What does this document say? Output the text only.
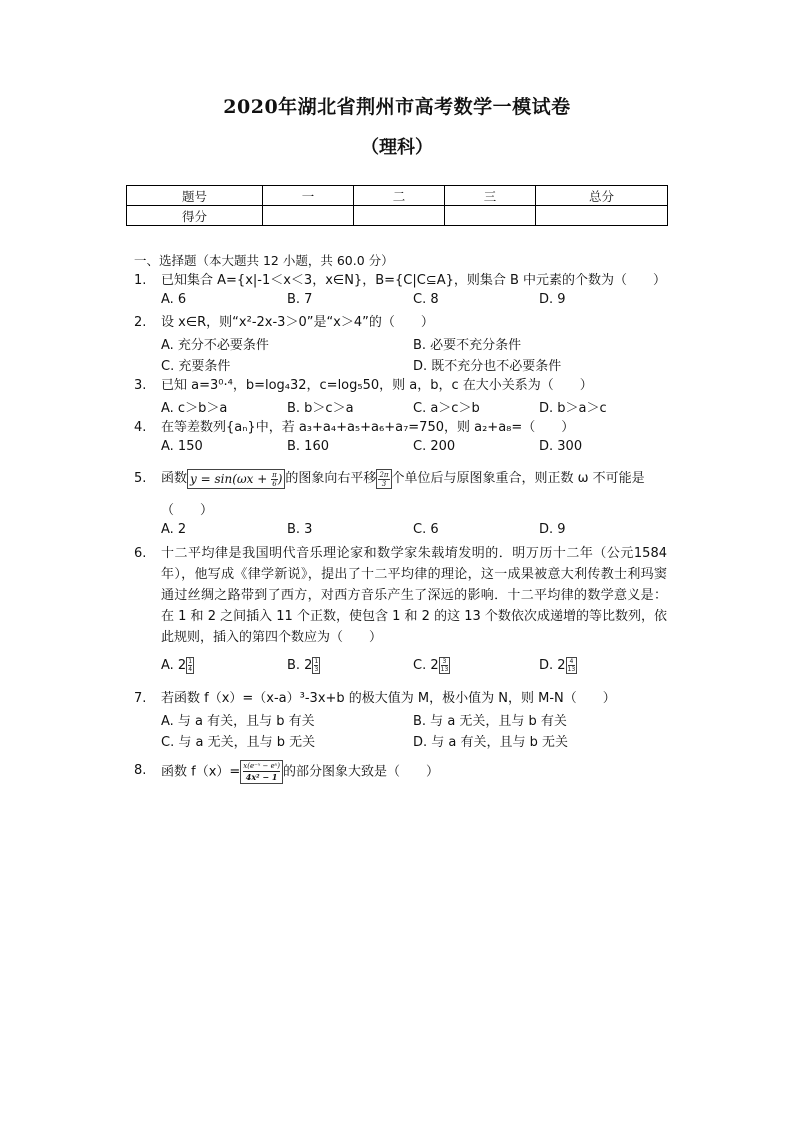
2020年湖北省荆州市高考数学一模试卷
（理科）
题号	一	二	三	总分
得分				
一、选择题（本大题共 12 小题，共 60.0 分）
1.	已知集合 A={x|-1＜x＜3，x∈N}，B={C|C⊆A}，则集合 B 中元素的个数为（　　）
A. 6	B. 7	C. 8	D. 9
2.	设 x∈R，则“x²-2x-3＞0”是“x＞4”的（　　）
A. 充分不必要条件	B. 必要不充分条件
C. 充要条件	D. 既不充分也不必要条件
3.	已知 a=3⁰·⁴，b=log₄32，c=log₅50，则 a，b，c 在大小关系为（　　）
A. c＞b＞a	B. b＞c＞a	C. a＞c＞b	D. b＞a＞c
4.	在等差数列{aₙ}中，若 a₃+a₄+a₅+a₆+a₇=750，则 a₂+a₈=（　　）
A. 150	B. 160	C. 200	D. 300
5.	函数 $y = \sin(\omega x + \frac{\pi}{6}$ ) 的图象向右平移 $\frac{2\pi}{3}$ 个单位后与原图象重合，则正数 ω 不可能是
（　　）
A. 2	B. 3	C. 6	D. 9
6.	十二平均律是我国明代音乐理论家和数学家朱载堉发明的．明万历十二年（公元1584 年），他写成《律学新说》，提出了十二平均律的理论，这一成果被意大利传教士利玛窦通过丝绸之路带到了西方，对西方音乐产生了深远的影响．十二平均律的数学意义是：在 1 和 2 之间插入 11 个正数，使包含 1 和 2 的这 13 个数依次成递增的等比数列，依此规则，插入的第四个数应为（　　）
A. $2 \frac{1}{4}$	B. $2 \frac{1}{3}$	C. $2 \frac{3}{13}$	D. $2 \frac{4}{13}$
7.	若函数 f（x）=（x-a）³-3x+b 的极大值为 M，极小值为 N，则 M-N（　　）
A. 与 a 有关，且与 b 有关	B. 与 a 无关，且与 b 有关
C. 与 a 无关，且与 b 无关	D. 与 a 有关，且与 b 无关
8.	函数 $f(x)= \frac{\text{x(e⁻ˣ − eˣ)}}{\text{4x² − 1}}$ 的部分图象大致是（　　）
